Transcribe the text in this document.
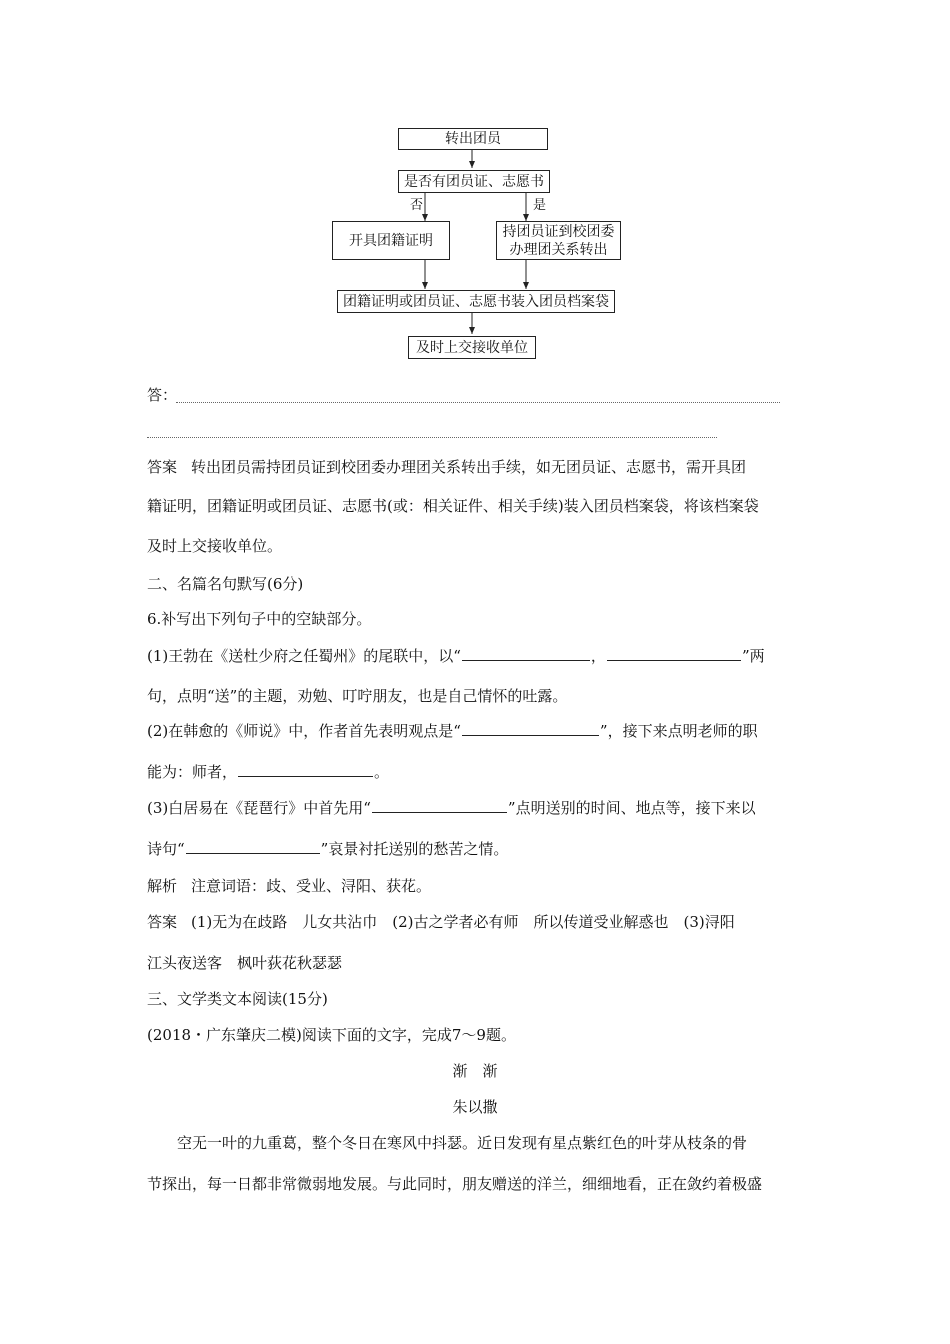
转出团员
是否有团员证、志愿书
否	是
开具团籍证明
持团员证到校团委
办理团关系转出
团籍证明或团员证、志愿书装入团员档案袋
及时上交接收单位
答：
答案 转出团员需持团员证到校团委办理团关系转出手续，如无团员证、志愿书，需开具团
籍证明，团籍证明或团员证、志愿书(或：相关证件、相关手续)装入团员档案袋，将该档案袋
及时上交接收单位。
二、名篇名句默写(6分)
6.补写出下列句子中的空缺部分。
(1)王勃在《送杜少府之任蜀州》的尾联中，以“	，	”两
句，点明“送”的主题，劝勉、叮咛朋友，也是自己情怀的吐露。
(2)在韩愈的《师说》中，作者首先表明观点是“	”，接下来点明老师的职
能为：师者，	。
(3)白居易在《琵琶行》中首先用“	”点明送别的时间、地点等，接下来以
诗句“	”哀景衬托送别的愁苦之情。
解析 注意词语：歧、受业、浔阳、获花。
答案 (1)无为在歧路　儿女共沾巾　(2)古之学者必有师　所以传道受业解惑也　(3)浔阳
江头夜送客　枫叶荻花秋瑟瑟
三、文学类文本阅读(15分)
(2018・广东肇庆二模)阅读下面的文字，完成7～9题。
渐　渐
朱以撒
空无一叶的九重葛，整个冬日在寒风中抖瑟。近日发现有星点紫红色的叶芽从枝条的骨
节探出，每一日都非常微弱地发展。与此同时，朋友赠送的洋兰，细细地看，正在敛约着极盛
